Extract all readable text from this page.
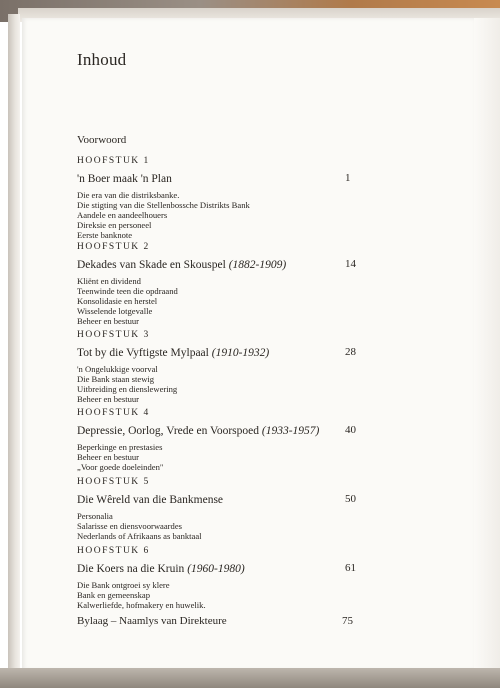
Inhoud
Voorwoord
HOOFSTUK 1
'n Boer maak 'n Plan	1
Die era van die distriksbanke.
Die stigting van die Stellenbossche Distrikts Bank
Aandele en aandeelhouers
Direksie en personeel
Eerste banknote
HOOFSTUK 2
Dekades van Skade en Skouspel (1882-1909)	14
Kliënt en dividend
Teenwinde teen die opdraand
Konsolidasie en herstel
Wisselende lotgevalle
Beheer en bestuur
HOOFSTUK 3
Tot by die Vyftigste Mylpaal (1910-1932)	28
'n Ongelukkige voorval
Die Bank staan stewig
Uitbreiding en dienslewering
Beheer en bestuur
HOOFSTUK 4
Depressie, Oorlog, Vrede en Voorspoed (1933-1957)	40
Beperkinge en prestasies
Beheer en bestuur
„Voor goede doeleinden"
HOOFSTUK 5
Die Wêreld van die Bankmense	50
Personalia
Salarisse en diensvoorwaardes
Nederlands of Afrikaans as banktaal
HOOFSTUK 6
Die Koers na die Kruin (1960-1980)	61
Die Bank ontgroei sy klere
Bank en gemeenskap
Kalwerliefde, hofmakery en huwelik.
Bylaag – Naamlys van Direkteure	75
